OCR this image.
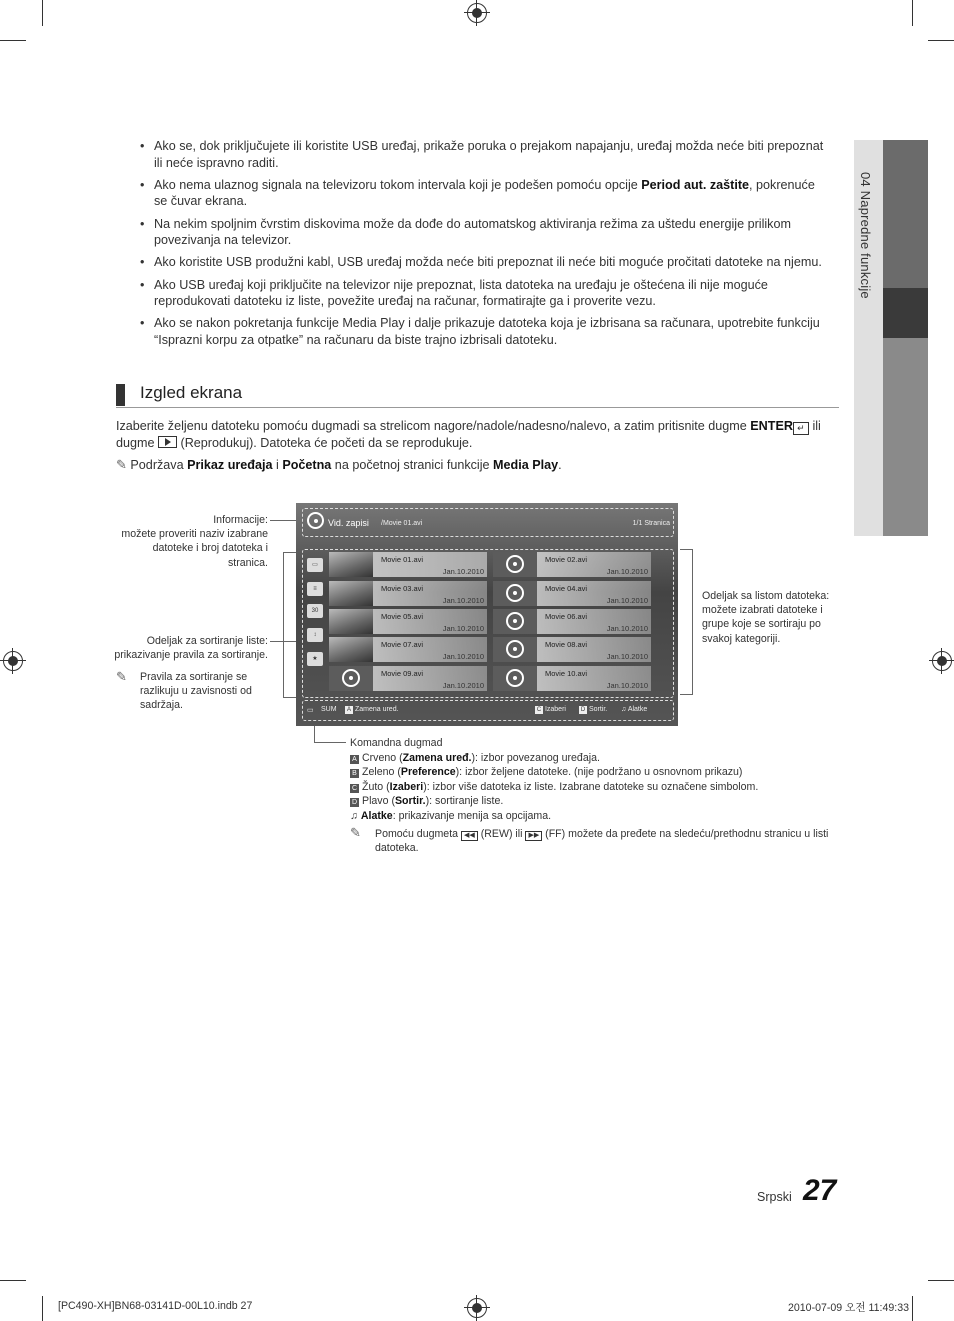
04 Napredne funkcije
• Ako se, dok priključujete ili koristite USB uređaj, prikaže poruka o prejakom napajanju, uređaj možda neće biti prepoznat ili neće ispravno raditi.
• Ako nema ulaznog signala na televizoru tokom intervala koji je podešen pomoću opcije Period aut. zaštite, pokrenuće se čuvar ekrana.
• Na nekim spoljnim čvrstim diskovima može da dođe do automatskog aktiviranja režima za uštedu energije prilikom povezivanja na televizor.
• Ako koristite USB produžni kabl, USB uređaj možda neće biti prepoznat ili neće biti moguće pročitati datoteke na njemu.
• Ako USB uređaj koji priključite na televizor nije prepoznat, lista datoteka na uređaju je oštećena ili nije moguće reprodukovati datoteku iz liste, povežite uređaj na računar, formatirajte ga i proverite vezu.
• Ako se nakon pokretanja funkcije Media Play i dalje prikazuje datoteka koja je izbrisana sa računara, upotrebite funkciju “Isprazni korpu za otpatke” na računaru da biste trajno izbrisali datoteku.
Izgled ekrana
Izaberite željenu datoteku pomoću dugmadi sa strelicom nagore/nadole/nadesno/nalevo, a zatim pritisnite dugme ENTER ↵ ili dugme  (Reprodukuj). Datoteka će početi da se reprodukuje.
✎ Podržava Prikaz uređaja i Početna na početnoj stranici funkcije Media Play.
Informacije:
možete proveriti naziv izabrane
datoteke i broj datoteka i
stranica.
Odeljak za sortiranje liste:
prikazivanje pravila za sortiranje.
✎ Pravila za sortiranje se
razlikuju u zavisnosti od
sadržaja.
Odeljak sa listom datoteka:
možete izabrati datoteke i
grupe koje se sortiraju po
svakoj kategoriji.
Vid. zapisi /Movie 01.avi	1/1 Stranica
▭
≡
30
↕
★
Movie 01.avi
Jan.10.2010
Movie 02.avi
Jan.10.2010
Movie 03.avi
Jan.10.2010
Movie 04.avi
Jan.10.2010
Movie 05.avi
Jan.10.2010
Movie 06.avi
Jan.10.2010
Movie 07.avi
Jan.10.2010
Movie 08.avi
Jan.10.2010
Movie 09.avi
Jan.10.2010
Movie 10.avi
Jan.10.2010
▭ SUM	A Zamena ured.	C Izaberi	D Sortir. ♫ Alatke
Komandna dugmad
A Crveno (Zamena uređ.): izbor povezanog uređaja.
B Zeleno (Preference): izbor željene datoteke. (nije podržano u osnovnom prikazu)
C Žuto (Izaberi): izbor više datoteka iz liste. Izabrane datoteke su označene simbolom.
D Plavo (Sortir.): sortiranje liste.
♫ Alatke: prikazivanje menija sa opcijama.
✎ Pomoću dugmeta ◀◀ (REW) ili ▶▶ (FF) možete da pređete na sledeću/prethodnu stranicu u listi
datoteka.
Srpski 27
[PC490-XH]BN68-03141D-00L10.indb 27	2010-07-09 오전 11:49:33
